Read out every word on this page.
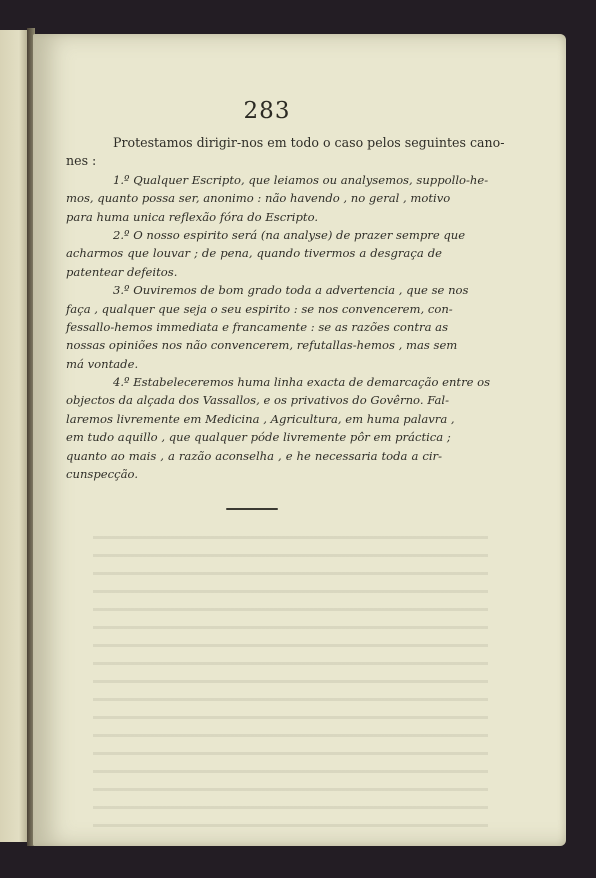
283
Protestamos dirigir-nos em todo o caso pelos seguintes cano-
nes :
1.º Qualquer Escripto, que leiamos ou analysemos, suppollo-he-
mos, quanto possa ser, anonimo : não havendo , no geral , motivo
para huma unica reflexão fóra do Escripto.
2.º O nosso espirito será (na analyse) de prazer sempre que
acharmos que louvar ; de pena, quando tivermos a desgraça de
patentear defeitos.
3.º Ouviremos de bom grado toda a advertencia , que se nos
faça , qualquer que seja o seu espirito : se nos convencerem, con-
fessallo-hemos immediata e francamente : se as razões contra as
nossas opiniões nos não convencerem, refutallas-hemos , mas sem
má vontade.
4.º Estabeleceremos huma linha exacta de demarcação entre os
objectos da alçada dos Vassallos, e os privativos do Govêrno. Fal-
laremos livremente em Medicina , Agricultura, em huma palavra ,
em tudo aquillo , que qualquer póde livremente pôr em práctica ;
quanto ao mais , a razão aconselha , e he necessaria toda a cir-
cunspecção.
